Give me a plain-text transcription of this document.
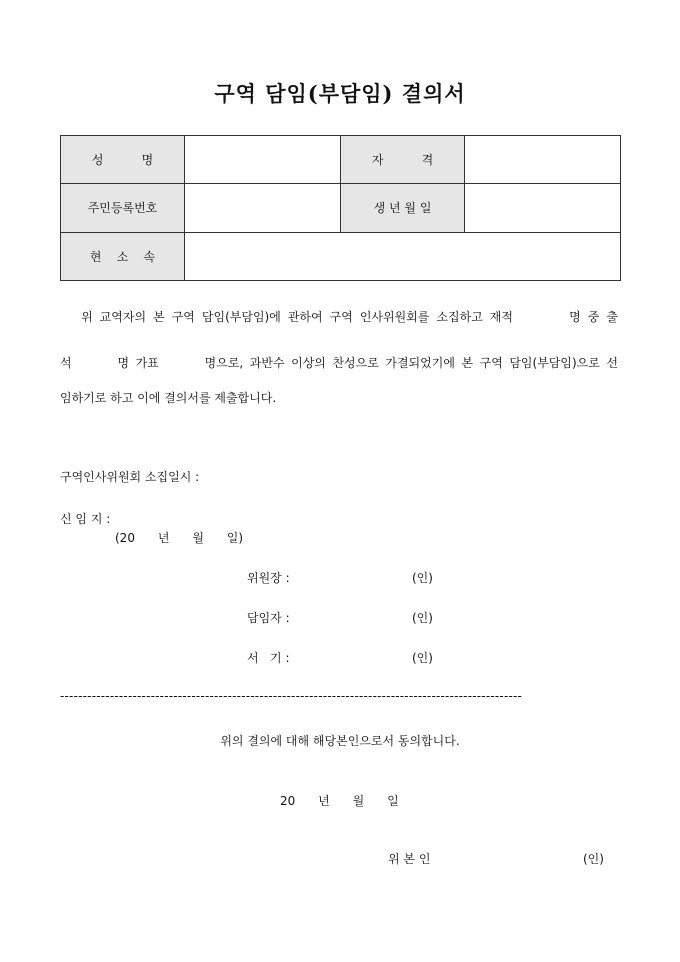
구역 담임(부담임) 결의서
성          명		자          격	
주민등록번호		생 년 월 일	
현    소    속			
위 교역자의 본 구역 담임(부담임)에 관하여 구역 인사위원회를 소집하고 재적        명 중 출
석       명 가표       명으로, 과반수 이상의 찬성으로 가결되었기에 본 구역 담임(부담임)으로 선
임하기로 하고 이에 결의서를 제출합니다.
구역인사위원회 소집일시 :
신 임 지 :
(20      년      월      일)
위원장 :	(인)
담임자 :	(인)
서   기 :	(인)
------------------------------------------------------------------------------------------------------
위의 결의에 대해 해당본인으로서 동의합니다.
20      년      월      일
위 본 인	(인)
